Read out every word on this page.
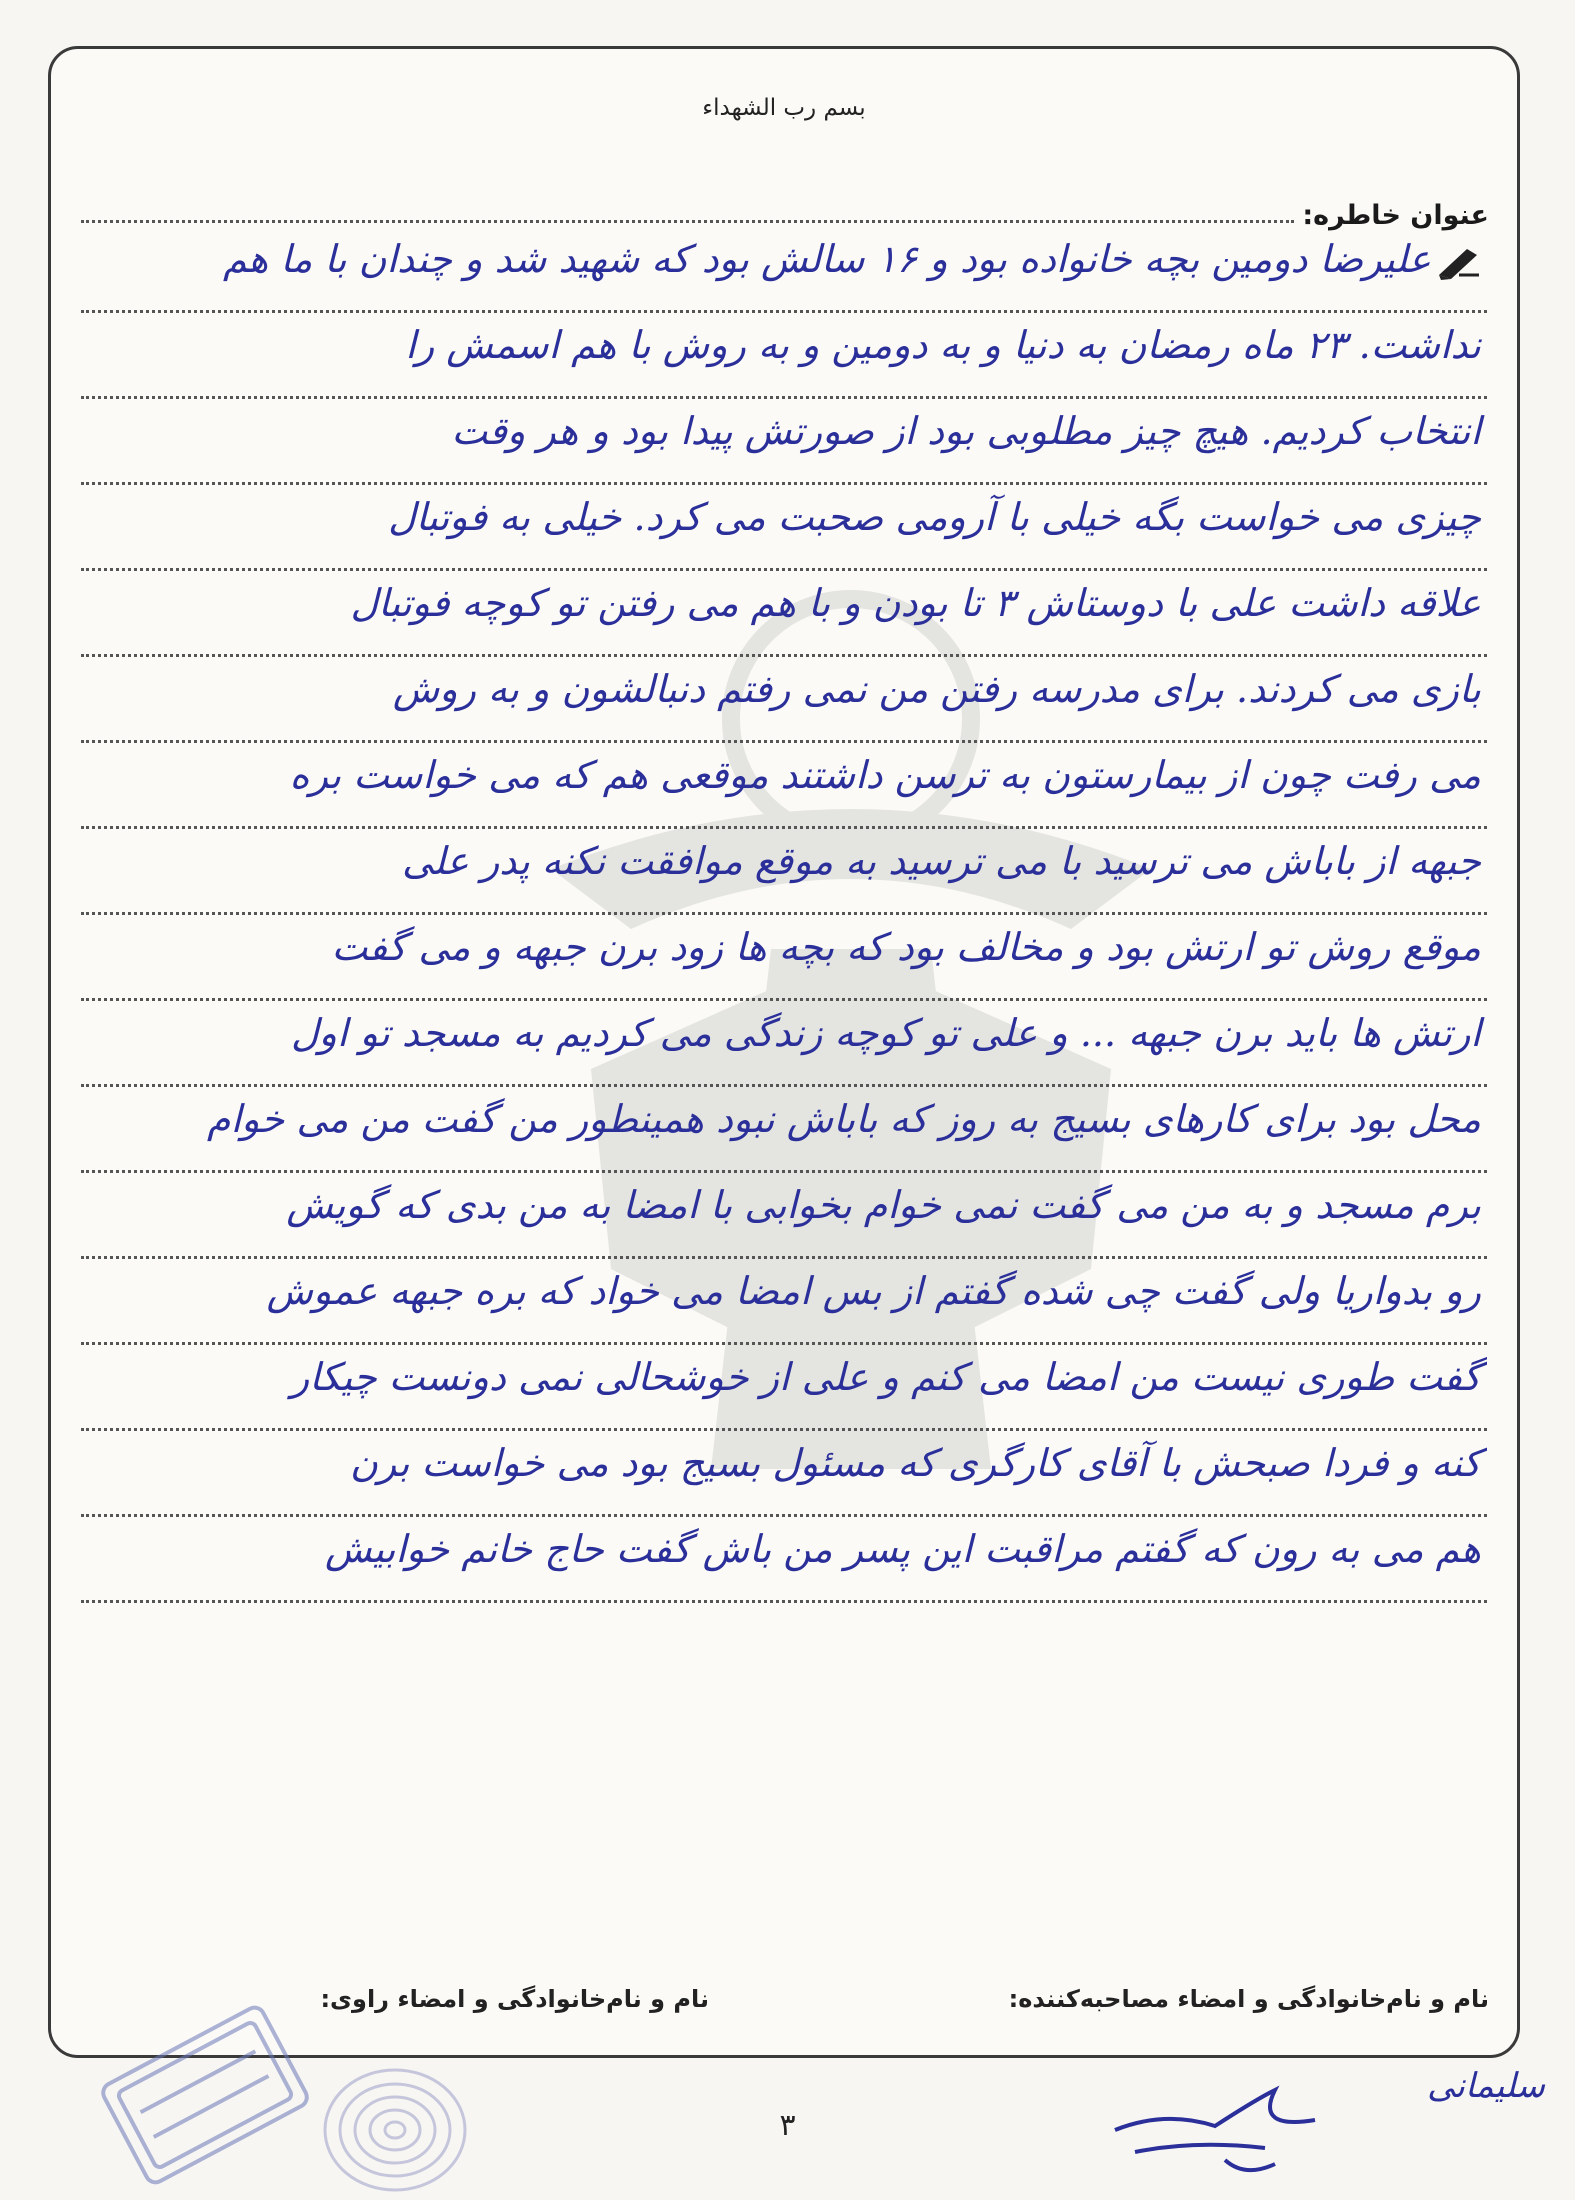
بسم رب الشهداء
عنوان خاطره:
علیرضا دومین بچه خانواده بود و ۱۶ سالش بود که شهید شد و چندان با ما هم
نداشت. ۲۳ ماه رمضان به دنیا و به دومین و به روش با هم اسمش را
انتخاب کردیم. هیچ چیز مطلوبی بود از صورتش پیدا بود و هر وقت
چیزی می خواست بگه خیلی با آرومی صحبت می کرد. خیلی به فوتبال
علاقه داشت علی با دوستاش ۳ تا بودن و با هم می رفتن تو کوچه فوتبال
بازی می کردند. برای مدرسه رفتن من نمی رفتم دنبالشون و به روش
می رفت چون از بیمارستون به ترسن داشتند موقعی هم که می خواست بره
جبهه از باباش می ترسید با می ترسید به موقع موافقت نکنه پدر علی
موقع روش تو ارتش بود و مخالف بود که بچه ها زود برن جبهه و می گفت
ارتش ها باید برن جبهه ... و علی تو کوچه زندگی می کردیم به مسجد تو اول
محل بود برای کارهای بسیج به روز که باباش نبود همینطور من گفت من می خوام
برم مسجد و به من می گفت نمی خوام بخوابی با امضا به من بدی که گویش
رو بدواریا ولی گفت چی شده گفتم از بس امضا می خواد که بره جبهه عموش
گفت طوری نیست من امضا می کنم و علی از خوشحالی نمی دونست چیکار
کنه و فردا صبحش با آقای کارگری که مسئول بسیج بود می خواست برن
هم می به رون که گفتم مراقبت این پسر من باش گفت حاج خانم خوابیش
نام و نام‌خانوادگی و امضاء مصاحبه‌کننده:
نام و نام‌خانوادگی و امضاء راوی:
سلیمانی
۳
